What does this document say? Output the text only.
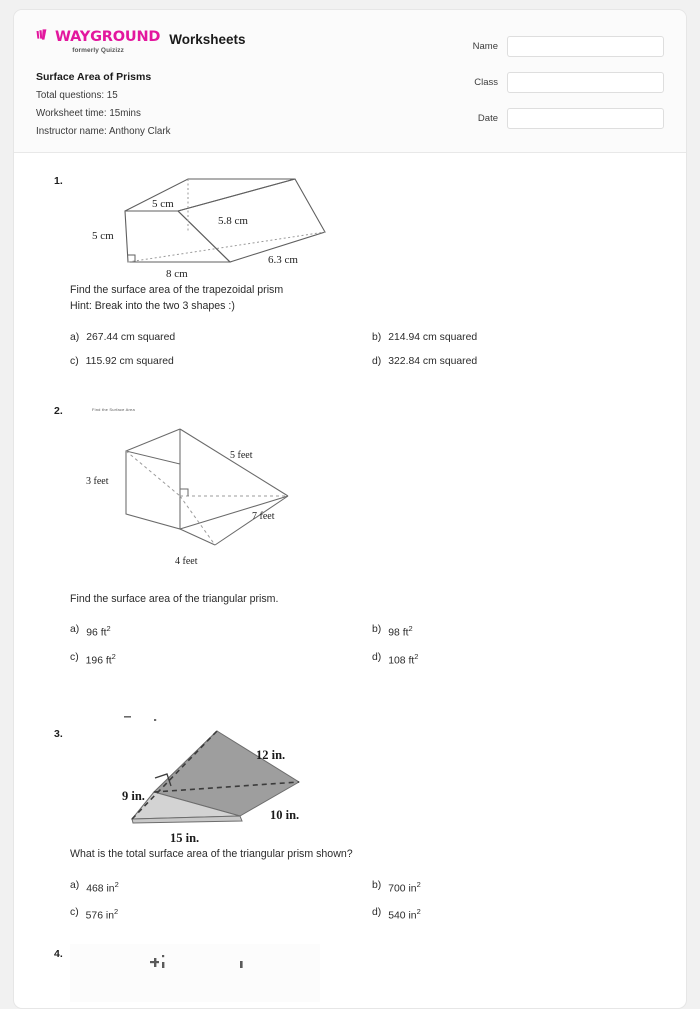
WAYGROUND
formerly Quizizz
Worksheets
Surface Area of Prisms
Total questions: 15
Worksheet time: 15mins
Instructor name: Anthony Clark
Name
Class
Date
1.
5 cm
5 cm
5.8 cm
8 cm
6.3 cm
Find the surface area of the trapezoidal prism
Hint: Break into the two 3 shapes :)
a) 267.44 cm squared	b) 214.94 cm squared
c) 115.92 cm squared	d) 322.84 cm squared
2.	Find the Surface Area
3 feet
4 feet
5 feet
7 feet
Find the surface area of the triangular prism.
a) 96 $ft^2$	b) 98 $ft^2$
c) 196 $ft^2$	d) 108 $ft^2$
3.
9 in.
12 in.
10 in.
15 in.
What is the total surface area of the triangular prism shown?
a) 468 $in^2$	b) 700 $in^2$
c) 576 $in^2$	d) 540 $in^2$
4.
